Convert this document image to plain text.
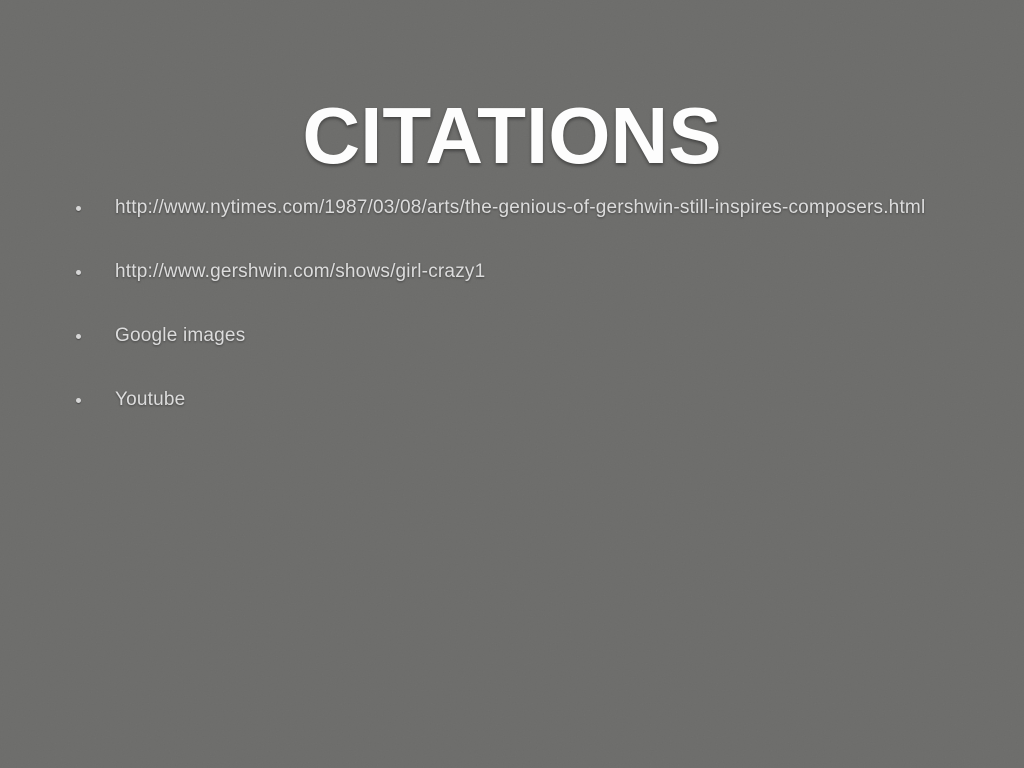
CITATIONS
http://www.nytimes.com/1987/03/08/arts/the-genious-of-gershwin-still-inspires-composers.html
http://www.gershwin.com/shows/girl-crazy1
Google images
Youtube
